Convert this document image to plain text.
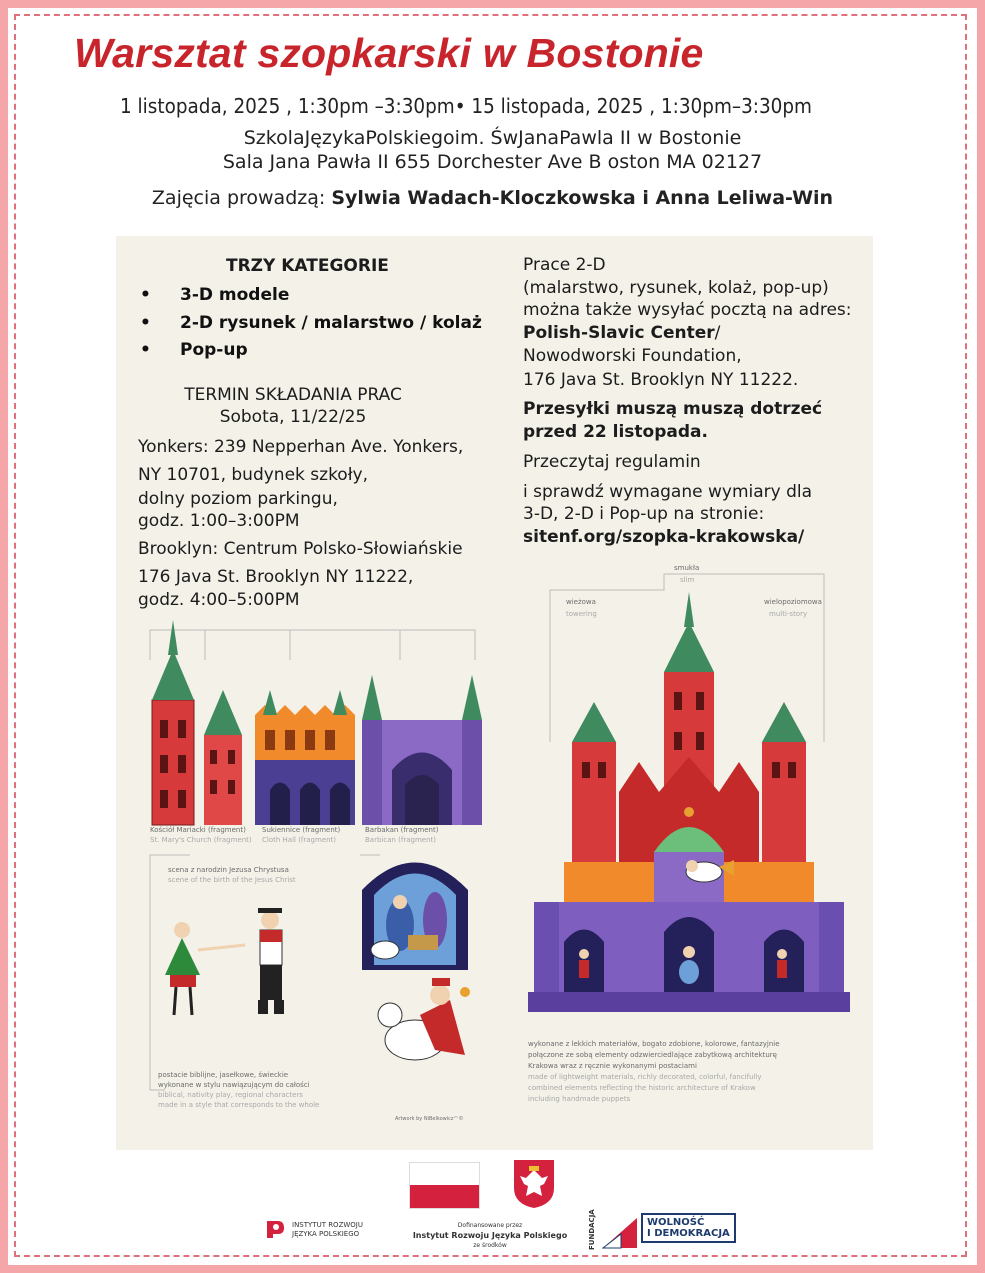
Warsztat szopkarski w Bostonie
1 listopada, 2025 , 1:30pm –3:30pm• 15 listopada, 2025 , 1:30pm–3:30pm
SzkolaJęzykaPolskiegoim. ŚwJanaPawla II w Bostonie
Sala Jana Pawła II 655 Dorchester Ave B oston MA 02127
Zajęcia prowadzą: Sylwia Wadach-Kloczkowska i Anna Leliwa-Win
TRZY KATEGORIE
• 3-D modele
• 2-D rysunek / malarstwo / kolaż
• Pop-up
TERMIN SKŁADANIA PRAC
Sobota, 11/22/25
Yonkers: 239 Nepperhan Ave. Yonkers,
NY 10701, budynek szkoły,
dolny poziom parkingu,
godz. 1:00–3:00PM
Brooklyn: Centrum Polsko-Słowiańskie
176 Java St. Brooklyn NY 11222,
godz. 4:00–5:00PM
Prace 2-D
(malarstwo, rysunek, kolaż, pop-up)
można także wysyłać pocztą na adres:
Polish-Slavic Center/
Nowodworski Foundation,
176 Java St. Brooklyn NY 11222.
Przesyłki muszą muszą dotrzeć
przed 22 listopada.
Przeczytaj regulamin
i sprawdź wymagane wymiary dla
3-D, 2-D i Pop-up na stronie:
sitenf.org/szopka-krakowska/
Kościół Mariacki (fragment)
St. Mary's Church (fragment)
Sukiennice (fragment)
Cloth Hall (fragment)
Barbakan (fragment)
Barbican (fragment)
scena z narodzin Jezusa Chrystusa
scene of the birth of the Jesus Christ
postacie biblijne, jasełkowe, świeckie
wykonane w stylu nawiązującym do całości
biblical, nativity play, regional characters
made in a style that corresponds to the whole
Artwork by NiBelkowicz™©
smukła
slim
wieżowa
towering
wielopoziomowa
multi-story
wykonane z lekkich materiałów, bogato zdobione, kolorowe, fantazyjnie
połączone ze sobą elementy odzwierciedlające zabytkową architekturę
Krakowa wraz z ręcznie wykonanymi postaciami
made of lightweight materials, richly decorated, colorful, fancifully
combined elements reflecting the historic architecture of Krakow
including handmade puppets
INSTYTUT ROZWOJU
JĘZYKA POLSKIEGO
Dofinansowane przez
Instytut Rozwoju Języka Polskiego
ze środków	FUNDACJA	WOLNOŚĆ
I DEMOKRACJA
